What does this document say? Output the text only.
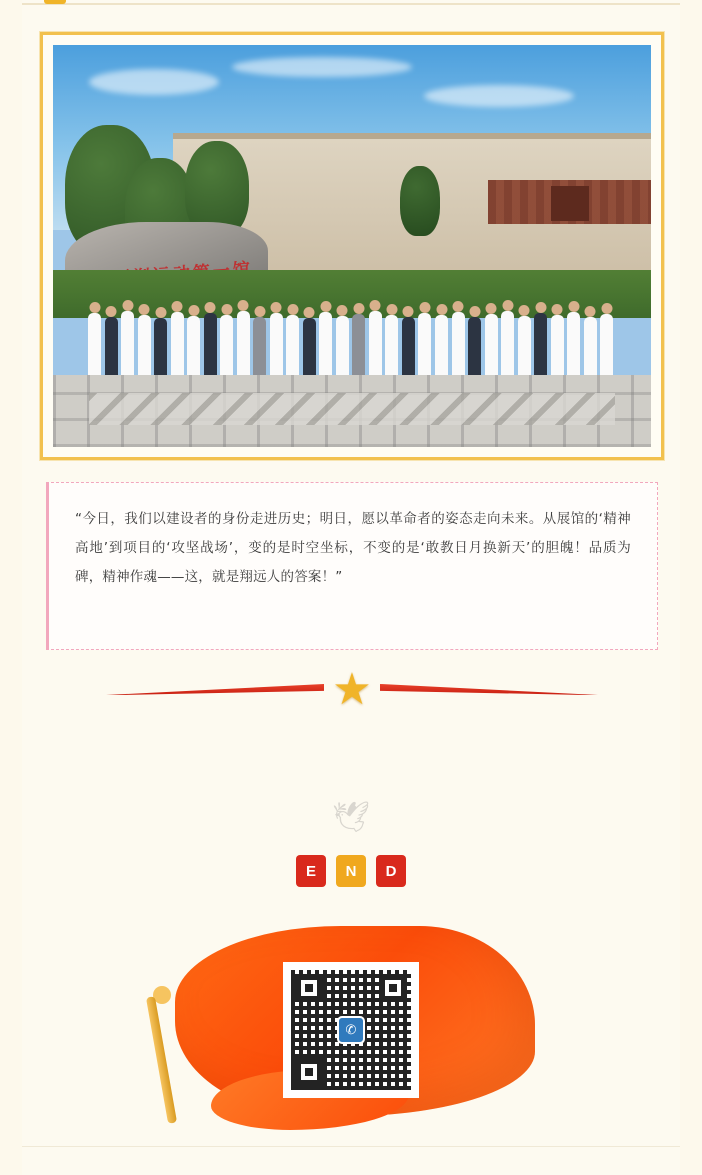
“今日，我们以建设者的身份走进历史；明日，愿以革命者的姿态走向未来。从展馆的‘精神高地’到项目的‘攻坚战场’，变的是时空坐标，不变的是‘敢教日月换新天’的胆魄！品质为碑，精神作魂——这，就是翔远人的答案！”
★
🕊
E	N	D
✆
